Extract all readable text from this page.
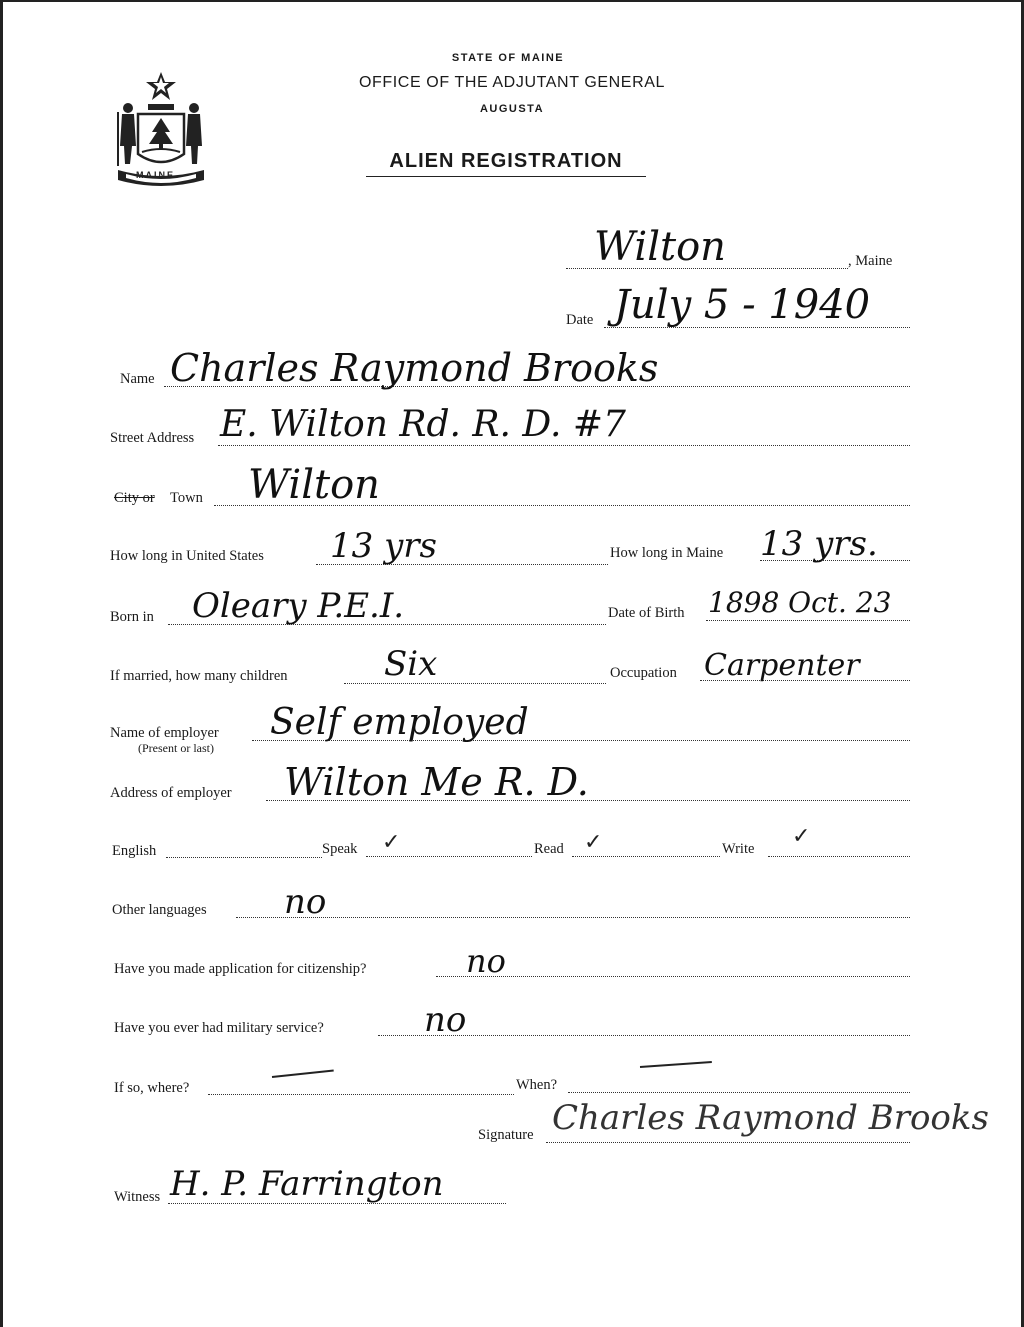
MAINE
STATE OF MAINE
OFFICE OF THE ADJUTANT GENERAL
AUGUSTA
ALIEN REGISTRATION
Wilton	, Maine
Date July 5 - 1940
Name Charles Raymond Brooks
Street Address E. Wilton Rd. R. D. #7
City or Town Wilton
How long in United States 13 yrs	How long in Maine 13 yrs.
Born in Oleary P.E.I.	Date of Birth 1898 Oct. 23
If married, how many children	Six	Occupation Carpenter
Name of employer
(Present or last)
Self employed
Address of employer Wilton Me R. D.
English	Speak ✓	Read ✓	Write ✓
Other languages no
Have you made application for citizenship?	no
Have you ever had military service?	no
If so, where?	When?
Signature Charles Raymond Brooks
Witness H. P. Farrington
